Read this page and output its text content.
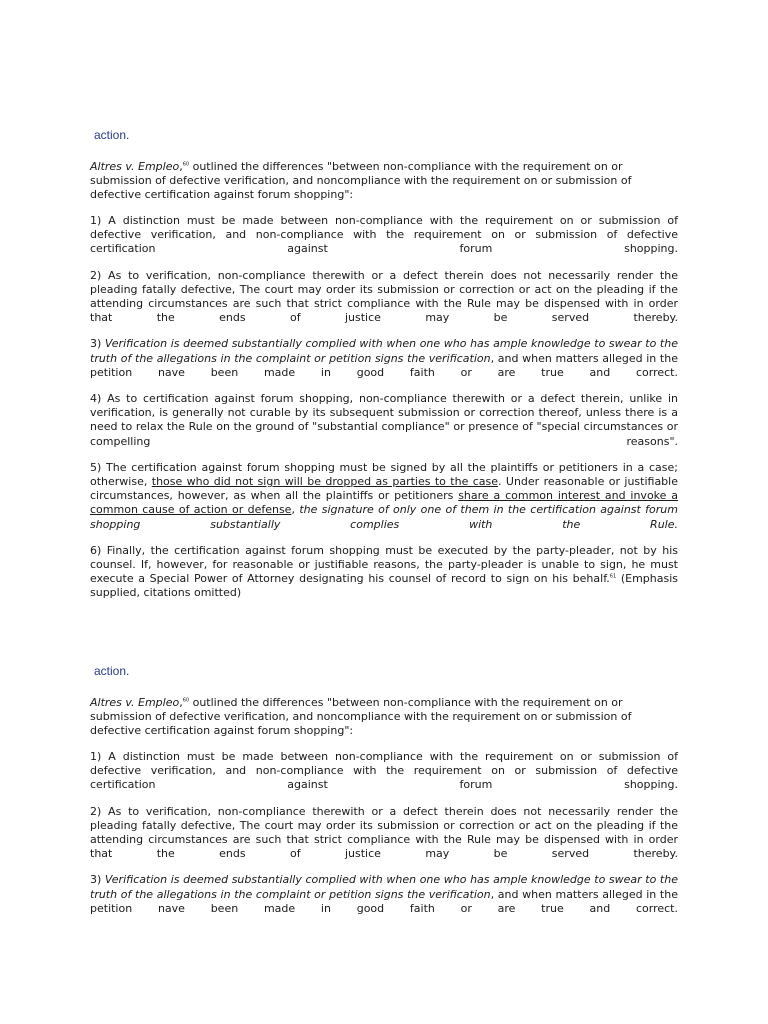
action.

Altres v. Empleo,$^{60}$ outlined the differences "between non-compliance with the requirement on or submission of defective verification, and noncompliance with the requirement on or submission of defective certification against forum shopping":

1) A distinction must be made between non-compliance with the requirement on or submission of defective verification, and non-compliance with the requirement on or submission of defective certification against forum shopping.

2) As to verification, non-compliance therewith or a defect therein does not necessarily render the pleading fatally defective, The court may order its submission or correction or act on the pleading if the attending circumstances are such that strict compliance with the Rule may be dispensed with in order that the ends of justice may be served thereby.

3) Verification is deemed substantially complied with when one who has ample knowledge to swear to the truth of the allegations in the complaint or petition signs the verification, and when matters alleged in the petition nave been made in good faith or are true and correct.

4) As to certification against forum shopping, non-compliance therewith or a defect therein, unlike in verification, is generally not curable by its subsequent submission or correction thereof, unless there is a need to relax the Rule on the ground of "substantial compliance" or presence of "special circumstances or compelling reasons".

5) The certification against forum shopping must be signed by all the plaintiffs or petitioners in a case; otherwise, those who did not sign will be dropped as parties to the case. Under reasonable or justifiable circumstances, however, as when all the plaintiffs or petitioners share a common interest and invoke a common cause of action or defense, the signature of only one of them in the certification against forum shopping substantially complies with the Rule.

6) Finally, the certification against forum shopping must be executed by the party-pleader, not by his counsel. If, however, for reasonable or justifiable reasons, the party-pleader is unable to sign, he must execute a Special Power of Attorney designating his counsel of record to sign on his behalf.$^{61}$ (Emphasis supplied, citations omitted)

action.

Altres v. Empleo,$^{60}$ outlined the differences "between non-compliance with the requirement on or submission of defective verification, and noncompliance with the requirement on or submission of defective certification against forum shopping":

1) A distinction must be made between non-compliance with the requirement on or submission of defective verification, and non-compliance with the requirement on or submission of defective certification against forum shopping.

2) As to verification, non-compliance therewith or a defect therein does not necessarily render the pleading fatally defective, The court may order its submission or correction or act on the pleading if the attending circumstances are such that strict compliance with the Rule may be dispensed with in order that the ends of justice may be served thereby.

3) Verification is deemed substantially complied with when one who has ample knowledge to swear to the truth of the allegations in the complaint or petition signs the verification, and when matters alleged in the petition nave been made in good faith or are true and correct.
